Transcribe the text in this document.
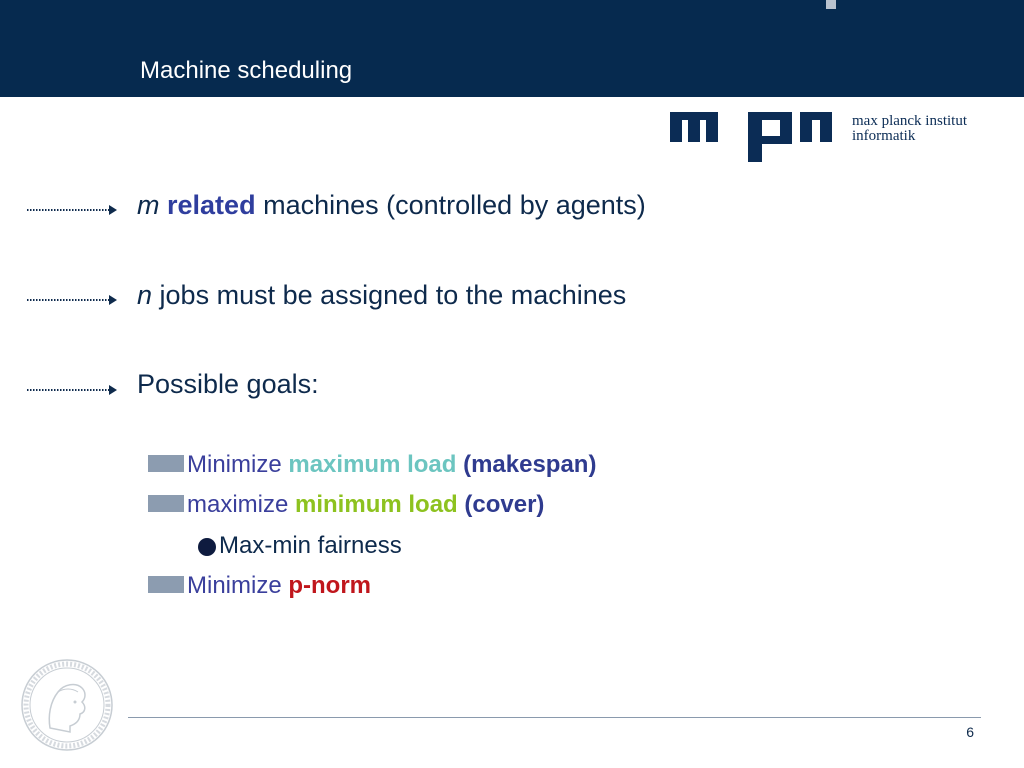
Machine scheduling
max planck institut
informatik
m related machines (controlled by agents)
n jobs must be assigned to the machines
Possible goals:
Minimize maximum load (makespan)
maximize minimum load (cover)
Max-min fairness
Minimize p-norm
6
